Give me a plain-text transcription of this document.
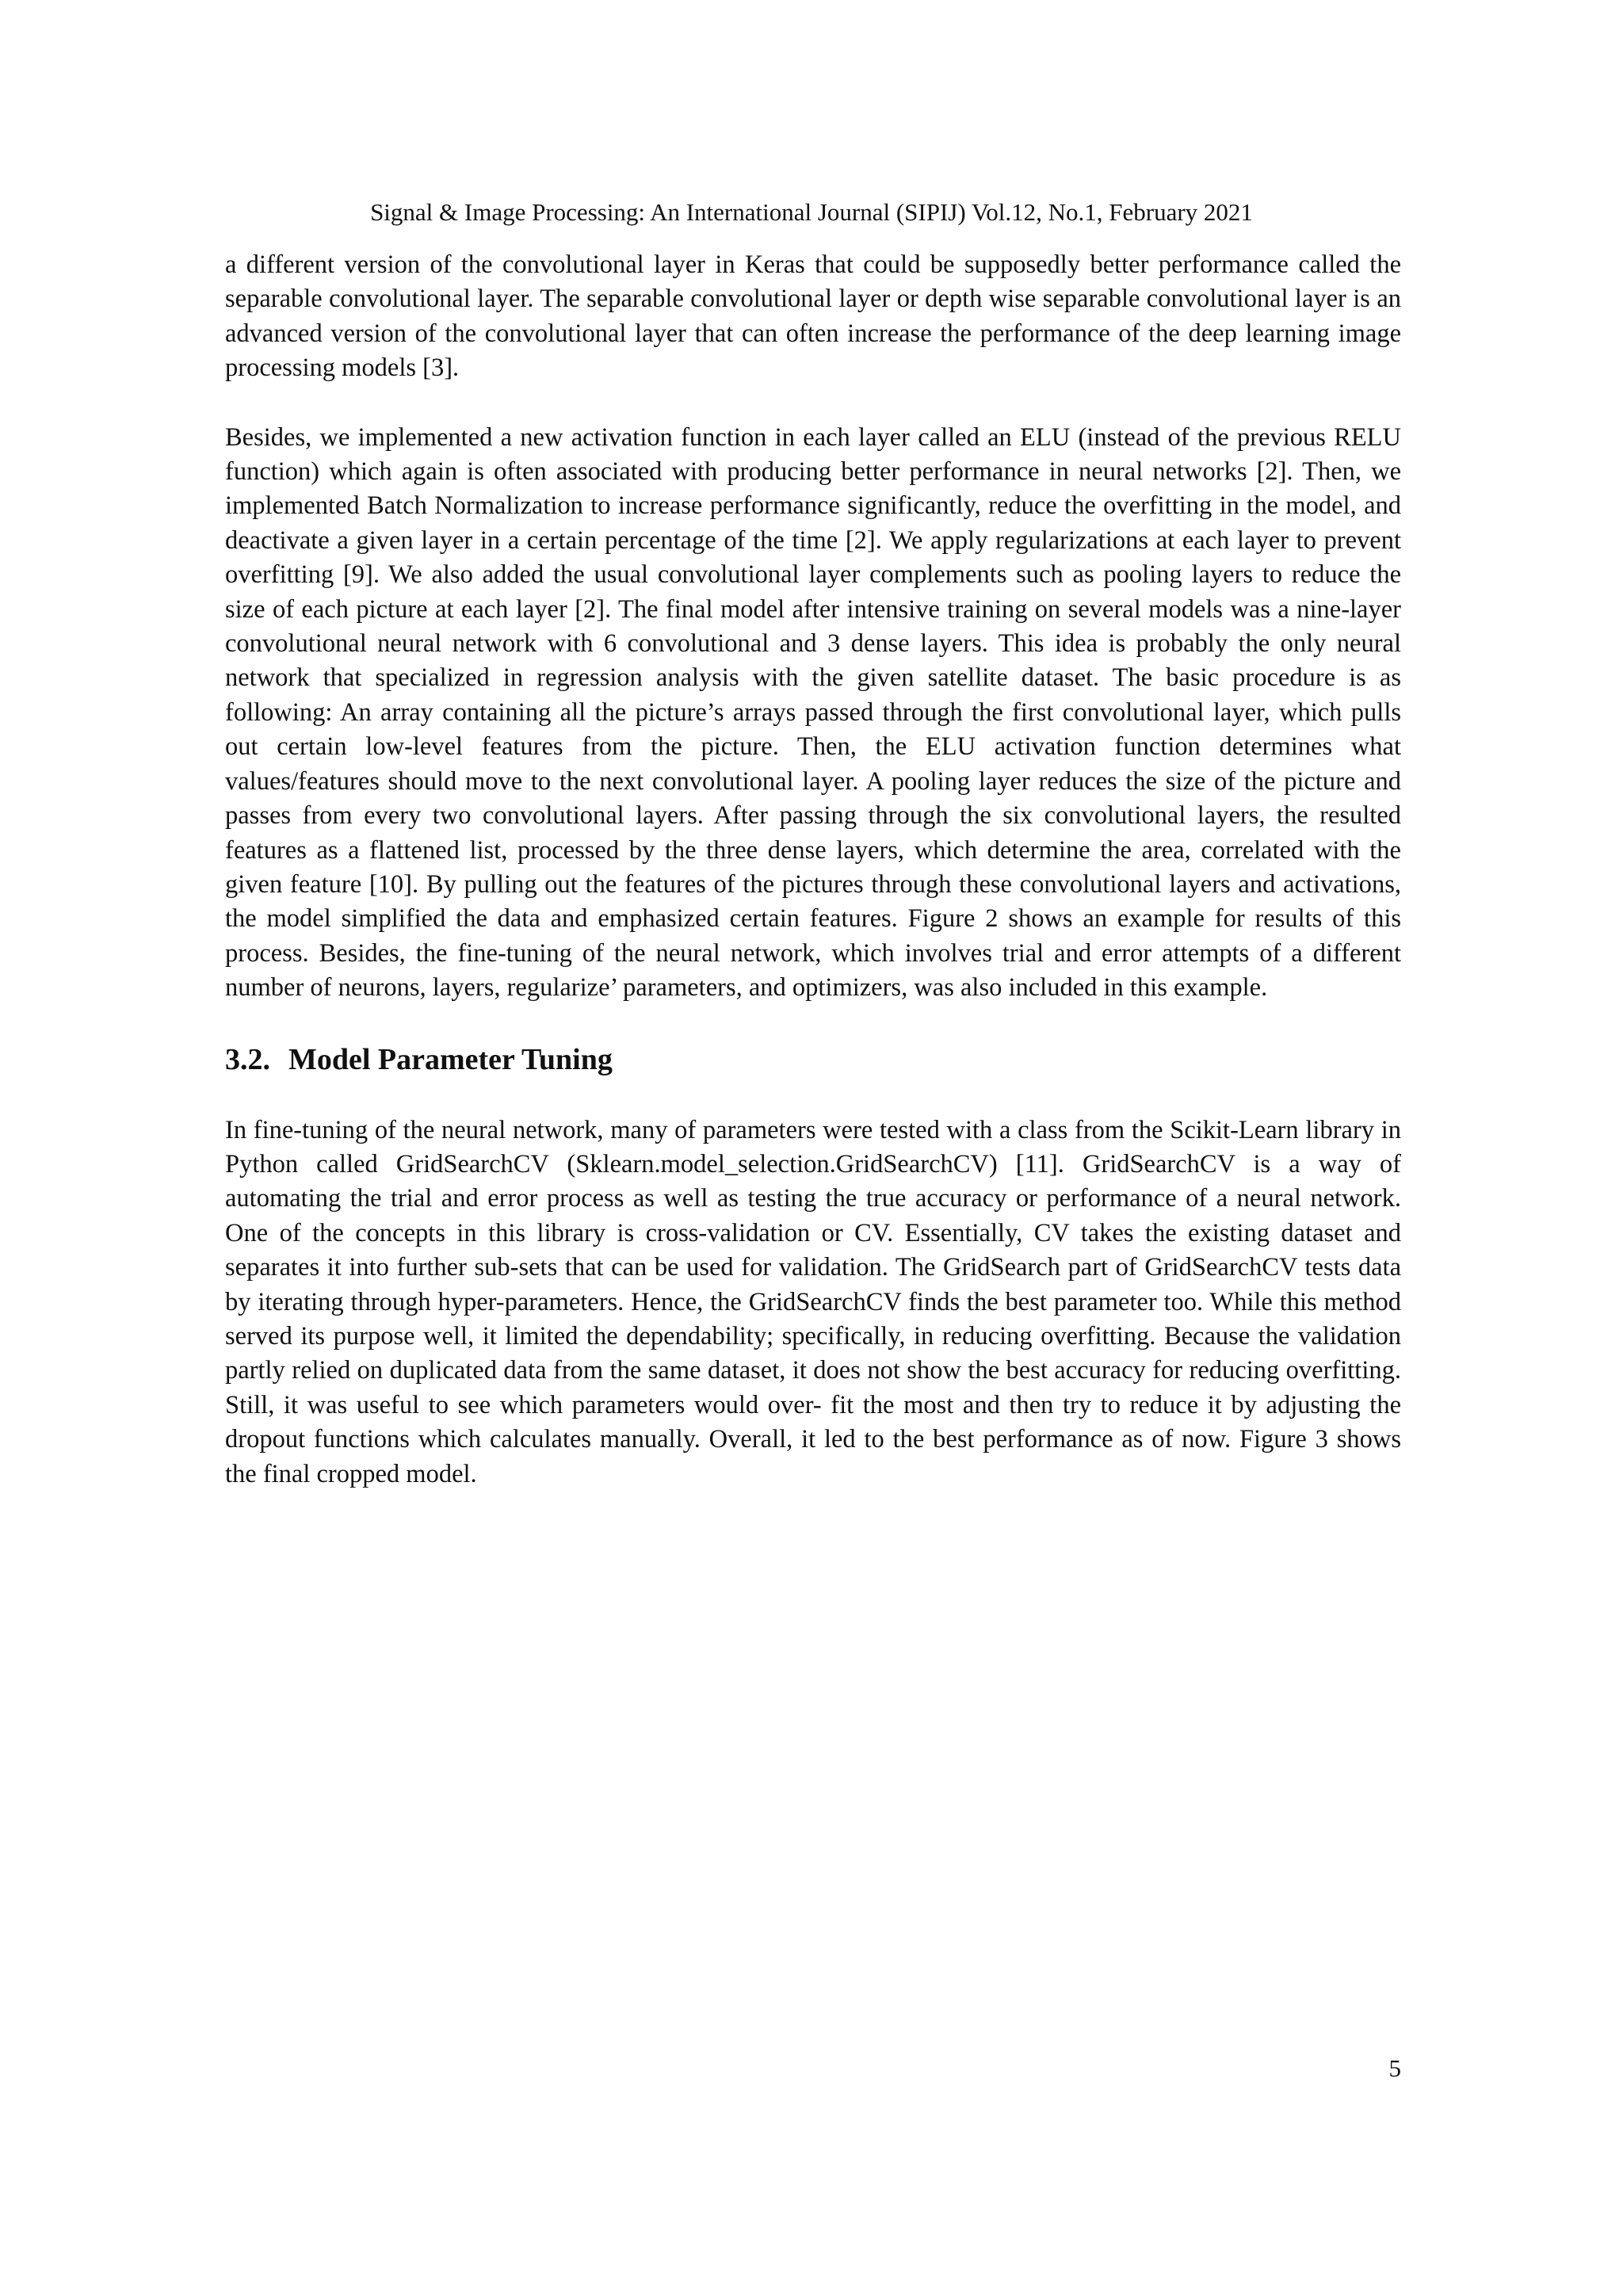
Signal & Image Processing: An International Journal (SIPIJ) Vol.12, No.1, February 2021

a different version of the convolutional layer in Keras that could be supposedly better performance called the separable convolutional layer. The separable convolutional layer or depth wise separable convolutional layer is an advanced version of the convolutional layer that can often increase the performance of the deep learning image processing models [3].

Besides, we implemented a new activation function in each layer called an ELU (instead of the previous RELU function) which again is often associated with producing better performance in neural networks [2]. Then, we implemented Batch Normalization to increase performance significantly, reduce the overfitting in the model, and deactivate a given layer in a certain percentage of the time [2]. We apply regularizations at each layer to prevent overfitting [9]. We also added the usual convolutional layer complements such as pooling layers to reduce the size of each picture at each layer [2]. The final model after intensive training on several models was a nine-layer convolutional neural network with 6 convolutional and 3 dense layers. This idea is probably the only neural network that specialized in regression analysis with the given satellite dataset. The basic procedure is as following: An array containing all the picture’s arrays passed through the first convolutional layer, which pulls out certain low-level features from the picture. Then, the ELU activation function determines what values/features should move to the next convolutional layer. A pooling layer reduces the size of the picture and passes from every two convolutional layers. After passing through the six convolutional layers, the resulted features as a flattened list, processed by the three dense layers, which determine the area, correlated with the given feature [10]. By pulling out the features of the pictures through these convolutional layers and activations, the model simplified the data and emphasized certain features. Figure 2 shows an example for results of this process. Besides, the fine-tuning of the neural network, which involves trial and error attempts of a different number of neurons, layers, regularize’ parameters, and optimizers, was also included in this example.

3.2. Model Parameter Tuning

In fine-tuning of the neural network, many of parameters were tested with a class from the Scikit-Learn library in Python called GridSearchCV (Sklearn.model_selection.GridSearchCV) [11]. GridSearchCV is a way of automating the trial and error process as well as testing the true accuracy or performance of a neural network. One of the concepts in this library is cross-validation or CV. Essentially, CV takes the existing dataset and separates it into further sub-sets that can be used for validation. The GridSearch part of GridSearchCV tests data by iterating through hyper-parameters. Hence, the GridSearchCV finds the best parameter too. While this method served its purpose well, it limited the dependability; specifically, in reducing overfitting. Because the validation partly relied on duplicated data from the same dataset, it does not show the best accuracy for reducing overfitting. Still, it was useful to see which parameters would over- fit the most and then try to reduce it by adjusting the dropout functions which calculates manually. Overall, it led to the best performance as of now. Figure 3 shows the final cropped model.

5
